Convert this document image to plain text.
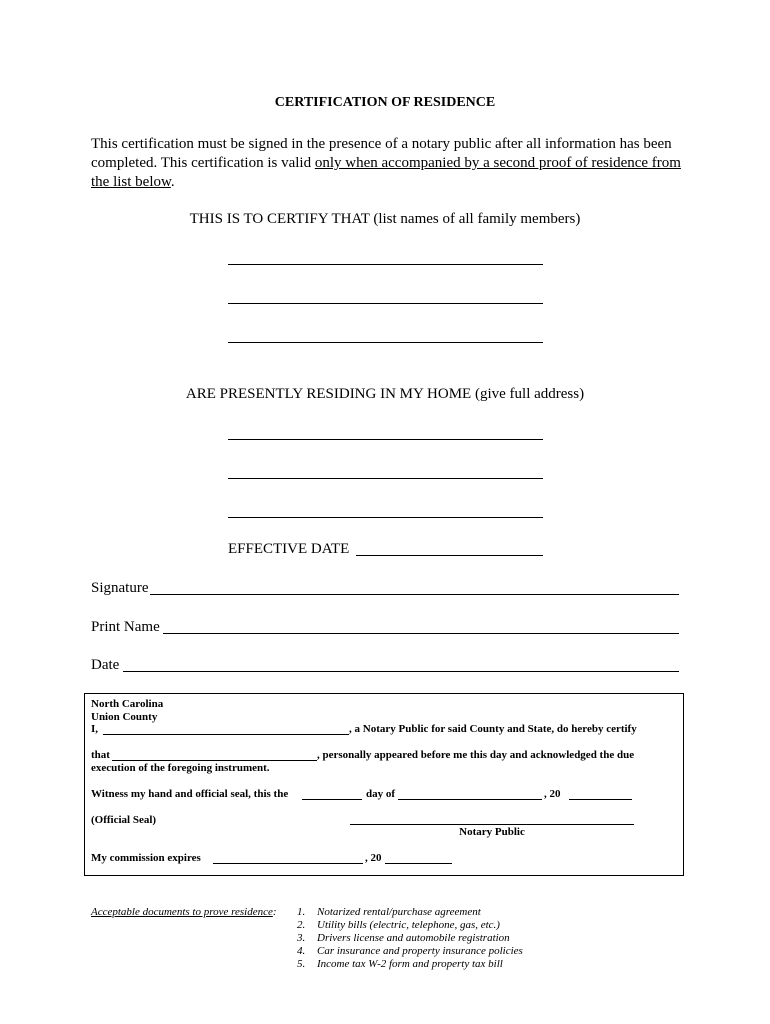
CERTIFICATION OF RESIDENCE
This certification must be signed in the presence of a notary public after all information has been completed. This certification is valid only when accompanied by a second proof of residence from the list below.
THIS IS TO CERTIFY THAT (list names of all family members)
ARE PRESENTLY RESIDING IN MY HOME (give full address)
EFFECTIVE DATE
Signature
Print Name
Date
North Carolina
Union County
I,	, a Notary Public for said County and State, do hereby certify
that	, personally appeared before me this day and acknowledged the due
execution of the foregoing instrument.
Witness my hand and official seal, this the	day of	, 20
(Official Seal)
Notary Public
My commission expires	, 20
Acceptable documents to prove residence: 1. Notarized rental/purchase agreement
2. Utility bills (electric, telephone, gas, etc.)
3. Drivers license and automobile registration
4. Car insurance and property insurance policies
5. Income tax W-2 form and property tax bill
